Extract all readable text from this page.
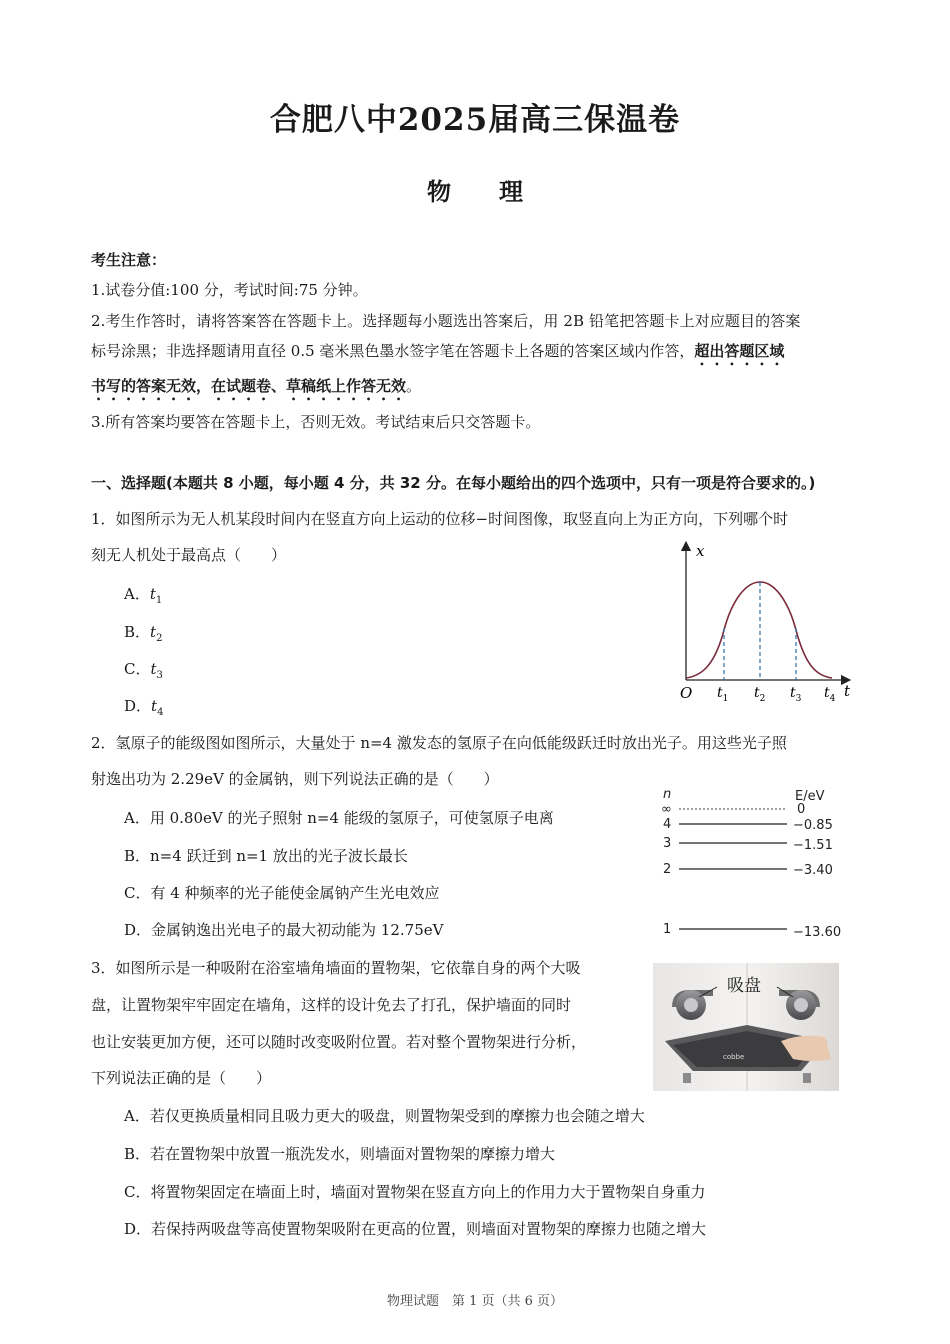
合肥八中2025届高三保温卷
物 理
考生注意：
1.试卷分值:100 分，考试时间:75 分钟。
2.考生作答时，请将答案答在答题卡上。选择题每小题选出答案后，用 2B 铅笔把答题卡上对应题目的答案
标号涂黑；非选择题请用直径 0.5 毫米黑色墨水签字笔在答题卡上各题的答案区域内作答，超出答题区域
书写的答案无效，在试题卷、草稿纸上作答无效。
3.所有答案均要答在答题卡上，否则无效。考试结束后只交答题卡。
一、选择题(本题共 8 小题，每小题 4 分，共 32 分。在每小题给出的四个选项中，只有一项是符合要求的。)
1．如图所示为无人机某段时间内在竖直方向上运动的位移−时间图像，取竖直向上为正方向，下列哪个时
刻无人机处于最高点（　　）
A．$t_1$
B．$t_2$
C．$t_3$
D．$t_4$
x
t
O $t_1$ $t_2$ $t_3$ $t_4$
2．氢原子的能级图如图所示，大量处于 n=4 激发态的氢原子在向低能级跃迁时放出光子。用这些光子照
射逸出功为 2.29eV 的金属钠，则下列说法正确的是（　　）
A．用 0.80eV 的光子照射 n=4 能级的氢原子，可使氢原子电离
B．n=4 跃迁到 n=1 放出的光子波长最长
C．有 4 种频率的光子能使金属钠产生光电效应
D．金属钠逸出光电子的最大初动能为 12.75eV
n	E/eV
∞	0
4	−0.85
3	−1.51
2	−3.40
1	−13.60
3．如图所示是一种吸附在浴室墙角墙面的置物架，它依靠自身的两个大吸
盘，让置物架牢牢固定在墙角，这样的设计免去了打孔，保护墙面的同时
也让安装更加方便，还可以随时改变吸附位置。若对整个置物架进行分析，
下列说法正确的是（　　）
吸盘
cobbe
A．若仅更换质量相同且吸力更大的吸盘，则置物架受到的摩擦力也会随之增大
B．若在置物架中放置一瓶洗发水，则墙面对置物架的摩擦力增大
C．将置物架固定在墙面上时，墙面对置物架在竖直方向上的作用力大于置物架自身重力
D．若保持两吸盘等高使置物架吸附在更高的位置，则墙面对置物架的摩擦力也随之增大
物理试题　第 1 页（共 6 页）
